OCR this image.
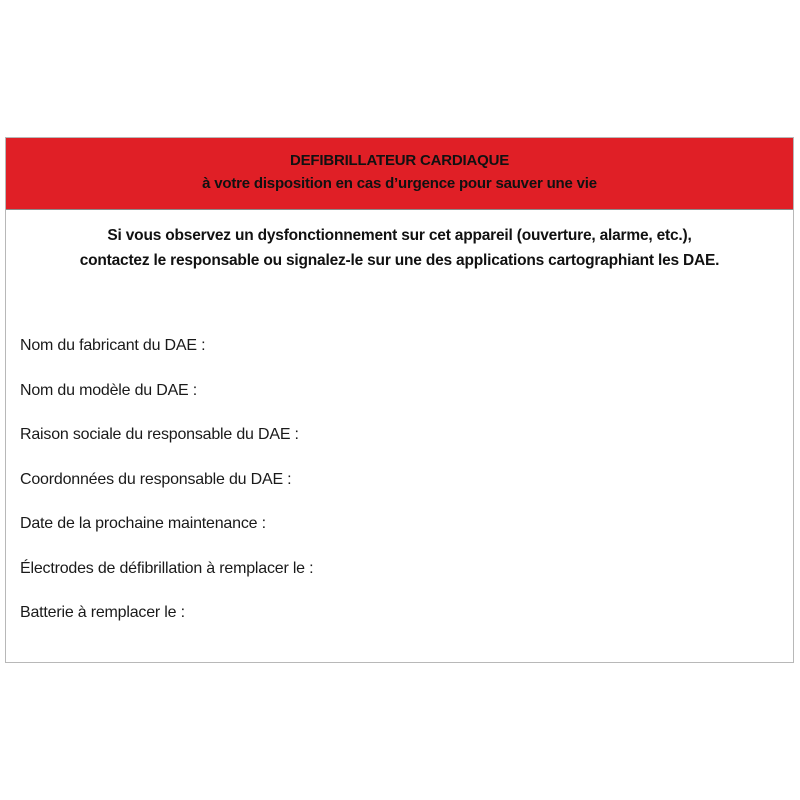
DEFIBRILLATEUR CARDIAQUE
à votre disposition en cas d’urgence pour sauver une vie
Si vous observez un dysfonctionnement sur cet appareil (ouverture, alarme, etc.),
contactez le responsable ou signalez-le sur une des applications cartographiant les DAE.
Nom du fabricant du DAE :
Nom du modèle du DAE :
Raison sociale du responsable du DAE :
Coordonnées du responsable du DAE :
Date de la prochaine maintenance :
Électrodes de défibrillation à remplacer le :
Batterie à remplacer le :
